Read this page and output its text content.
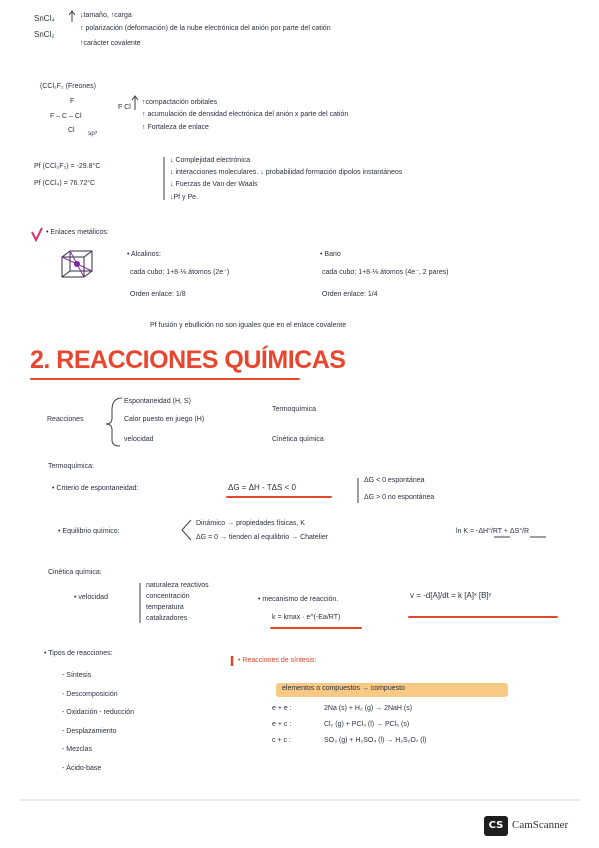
SnCl₄
SnCl₂
↓tamaño, ↑carga
↑ polarización (deformación) de la nube electrónica del anión por parte del catión
↑carácter covalente
(CCl₂F₂ (Freones)
F
F – C – Cl
Cl sp³
F Cl
↑compactación orbitales
↑ acumulación de densidad electrónica del anión x parte del catión
↑ Fortaleza de enlace
Pf (CCl₂F₂) = -29.8°C
Pf (CCl₄) = 76.72°C
↓ Complejidad electrónica
↓ interacciones moleculares. ↓ probabilidad formación dipolos instantáneos
↓ Fuerzas de Van der Waals
↓Pf y Pe.
• Enlaces metálicos:
• Alcalinos:
cada cubo: 1+8·⅛ átomos (2e⁻)
Orden enlace: 1/8
• Bario
cada cubo: 1+8·⅛ átomos (4e⁻, 2 pares)
Orden enlace: 1/4
Pf fusión y ebullición no son iguales que en el enlace covalente
2. REACCIONES QUÍMICAS
Reacciones
Espontaneidad (H, S)
Calor puesto en juego (H)
velocidad
Termoquímica
Cinética química
Termoquímica:
• Criterio de espontaneidad:	ΔG = ΔH - TΔS < 0
ΔG < 0 espontánea
ΔG > 0 no espontánea
• Equilibrio químico:
Dinámico → propiedades físicas, K
ΔG = 0 → tienden al equilibrio → Chatelier
ln K = -ΔH°/RT + ΔS°/R
Cinética química:
• velocidad
naturaleza reactivos
concentración
temperatura
catalizadores
• mecanismo de reacción.	v = -d[A]/dt = k [A]ˣ [B]ʸ
k = kmax · e^(-Ea/RT)
• Tipos de reacciones:
- Síntesis
- Descomposición
- Oxidación - reducción
- Desplazamiento
- Mezclas
- Ácido-base
• Reacciones de síntesis:
elementos o compuestos → compuesto
e + e :	2Na (s) + H₂ (g) → 2NaH (s)
e + c :	Cl₂ (g) + PCl₃ (l) → PCl₅ (s)
c + c :	SO₃ (g) + H₂SO₄ (l) → H₂S₂O₇ (l)
CS CamScanner
